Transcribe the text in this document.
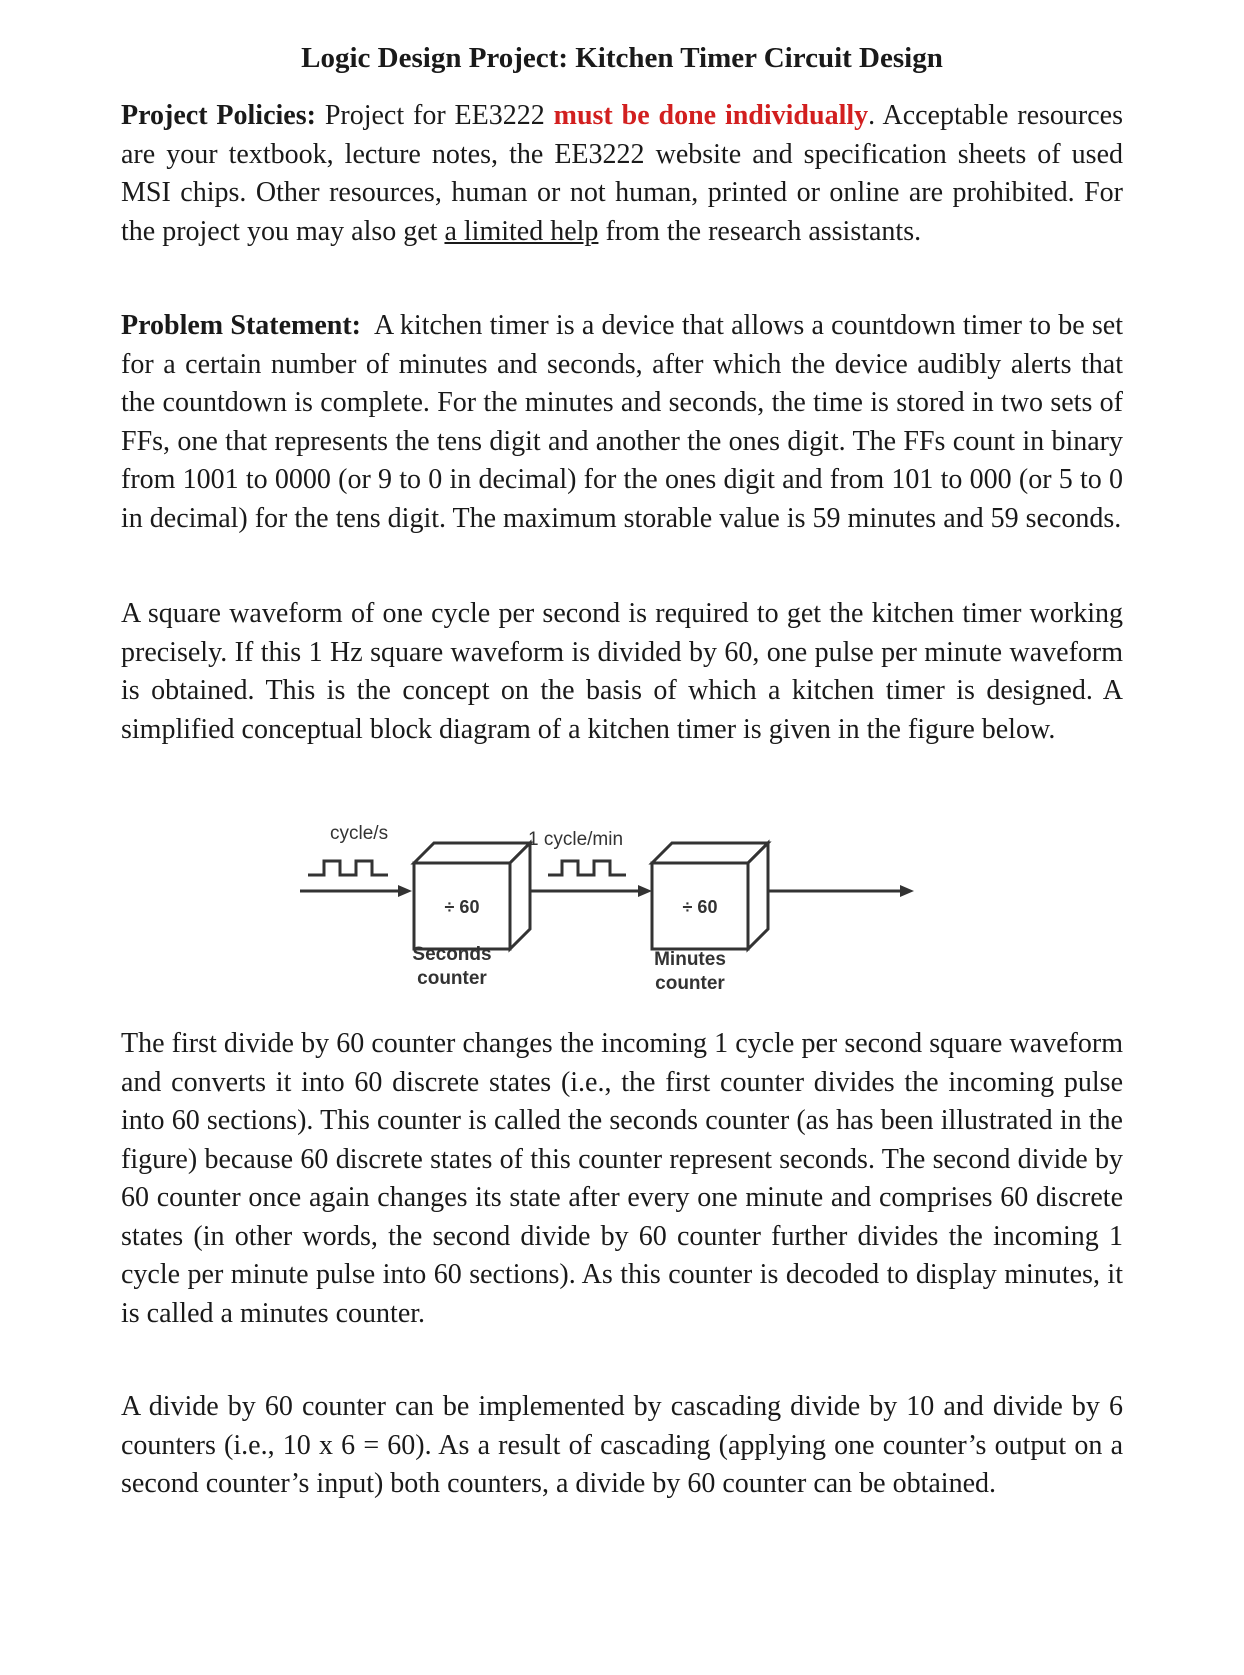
Logic Design Project: Kitchen Timer Circuit Design

Project Policies: Project for EE3222 must be done individually. Acceptable resources are your textbook, lecture notes, the EE3222 website and specification sheets of used MSI chips. Other resources, human or not human, printed or online are prohibited. For the project you may also get a limited help from the research assistants.

Problem Statement:  A kitchen timer is a device that allows a countdown timer to be set for a certain number of minutes and seconds, after which the device audibly alerts that the countdown is complete. For the minutes and seconds, the time is stored in two sets of FFs, one that represents the tens digit and another the ones digit. The FFs count in binary from 1001 to 0000 (or 9 to 0 in decimal) for the ones digit and from 101 to 000 (or 5 to 0 in decimal) for the tens digit. The maximum storable value is 59 minutes and 59 seconds.

A square waveform of one cycle per second is required to get the kitchen timer working precisely. If this 1 Hz square waveform is divided by 60, one pulse per minute waveform is obtained. This is the concept on the basis of which a kitchen timer is designed. A simplified conceptual block diagram of a kitchen timer is given in the figure below.

cycle/s
÷ 60
1 cycle/min
÷ 60
Seconds
counter
Minutes
counter

The first divide by 60 counter changes the incoming 1 cycle per second square waveform and converts it into 60 discrete states (i.e., the first counter divides the incoming pulse into 60 sections). This counter is called the seconds counter (as has been illustrated in the figure) because 60 discrete states of this counter represent seconds. The second divide by 60 counter once again changes its state after every one minute and comprises 60 discrete states (in other words, the second divide by 60 counter further divides the incoming 1 cycle per minute pulse into 60 sections). As this counter is decoded to display minutes, it is called a minutes counter.

A divide by 60 counter can be implemented by cascading divide by 10 and divide by 6 counters (i.e., 10 x 6 = 60). As a result of cascading (applying one counter’s output on a second counter’s input) both counters, a divide by 60 counter can be obtained.
